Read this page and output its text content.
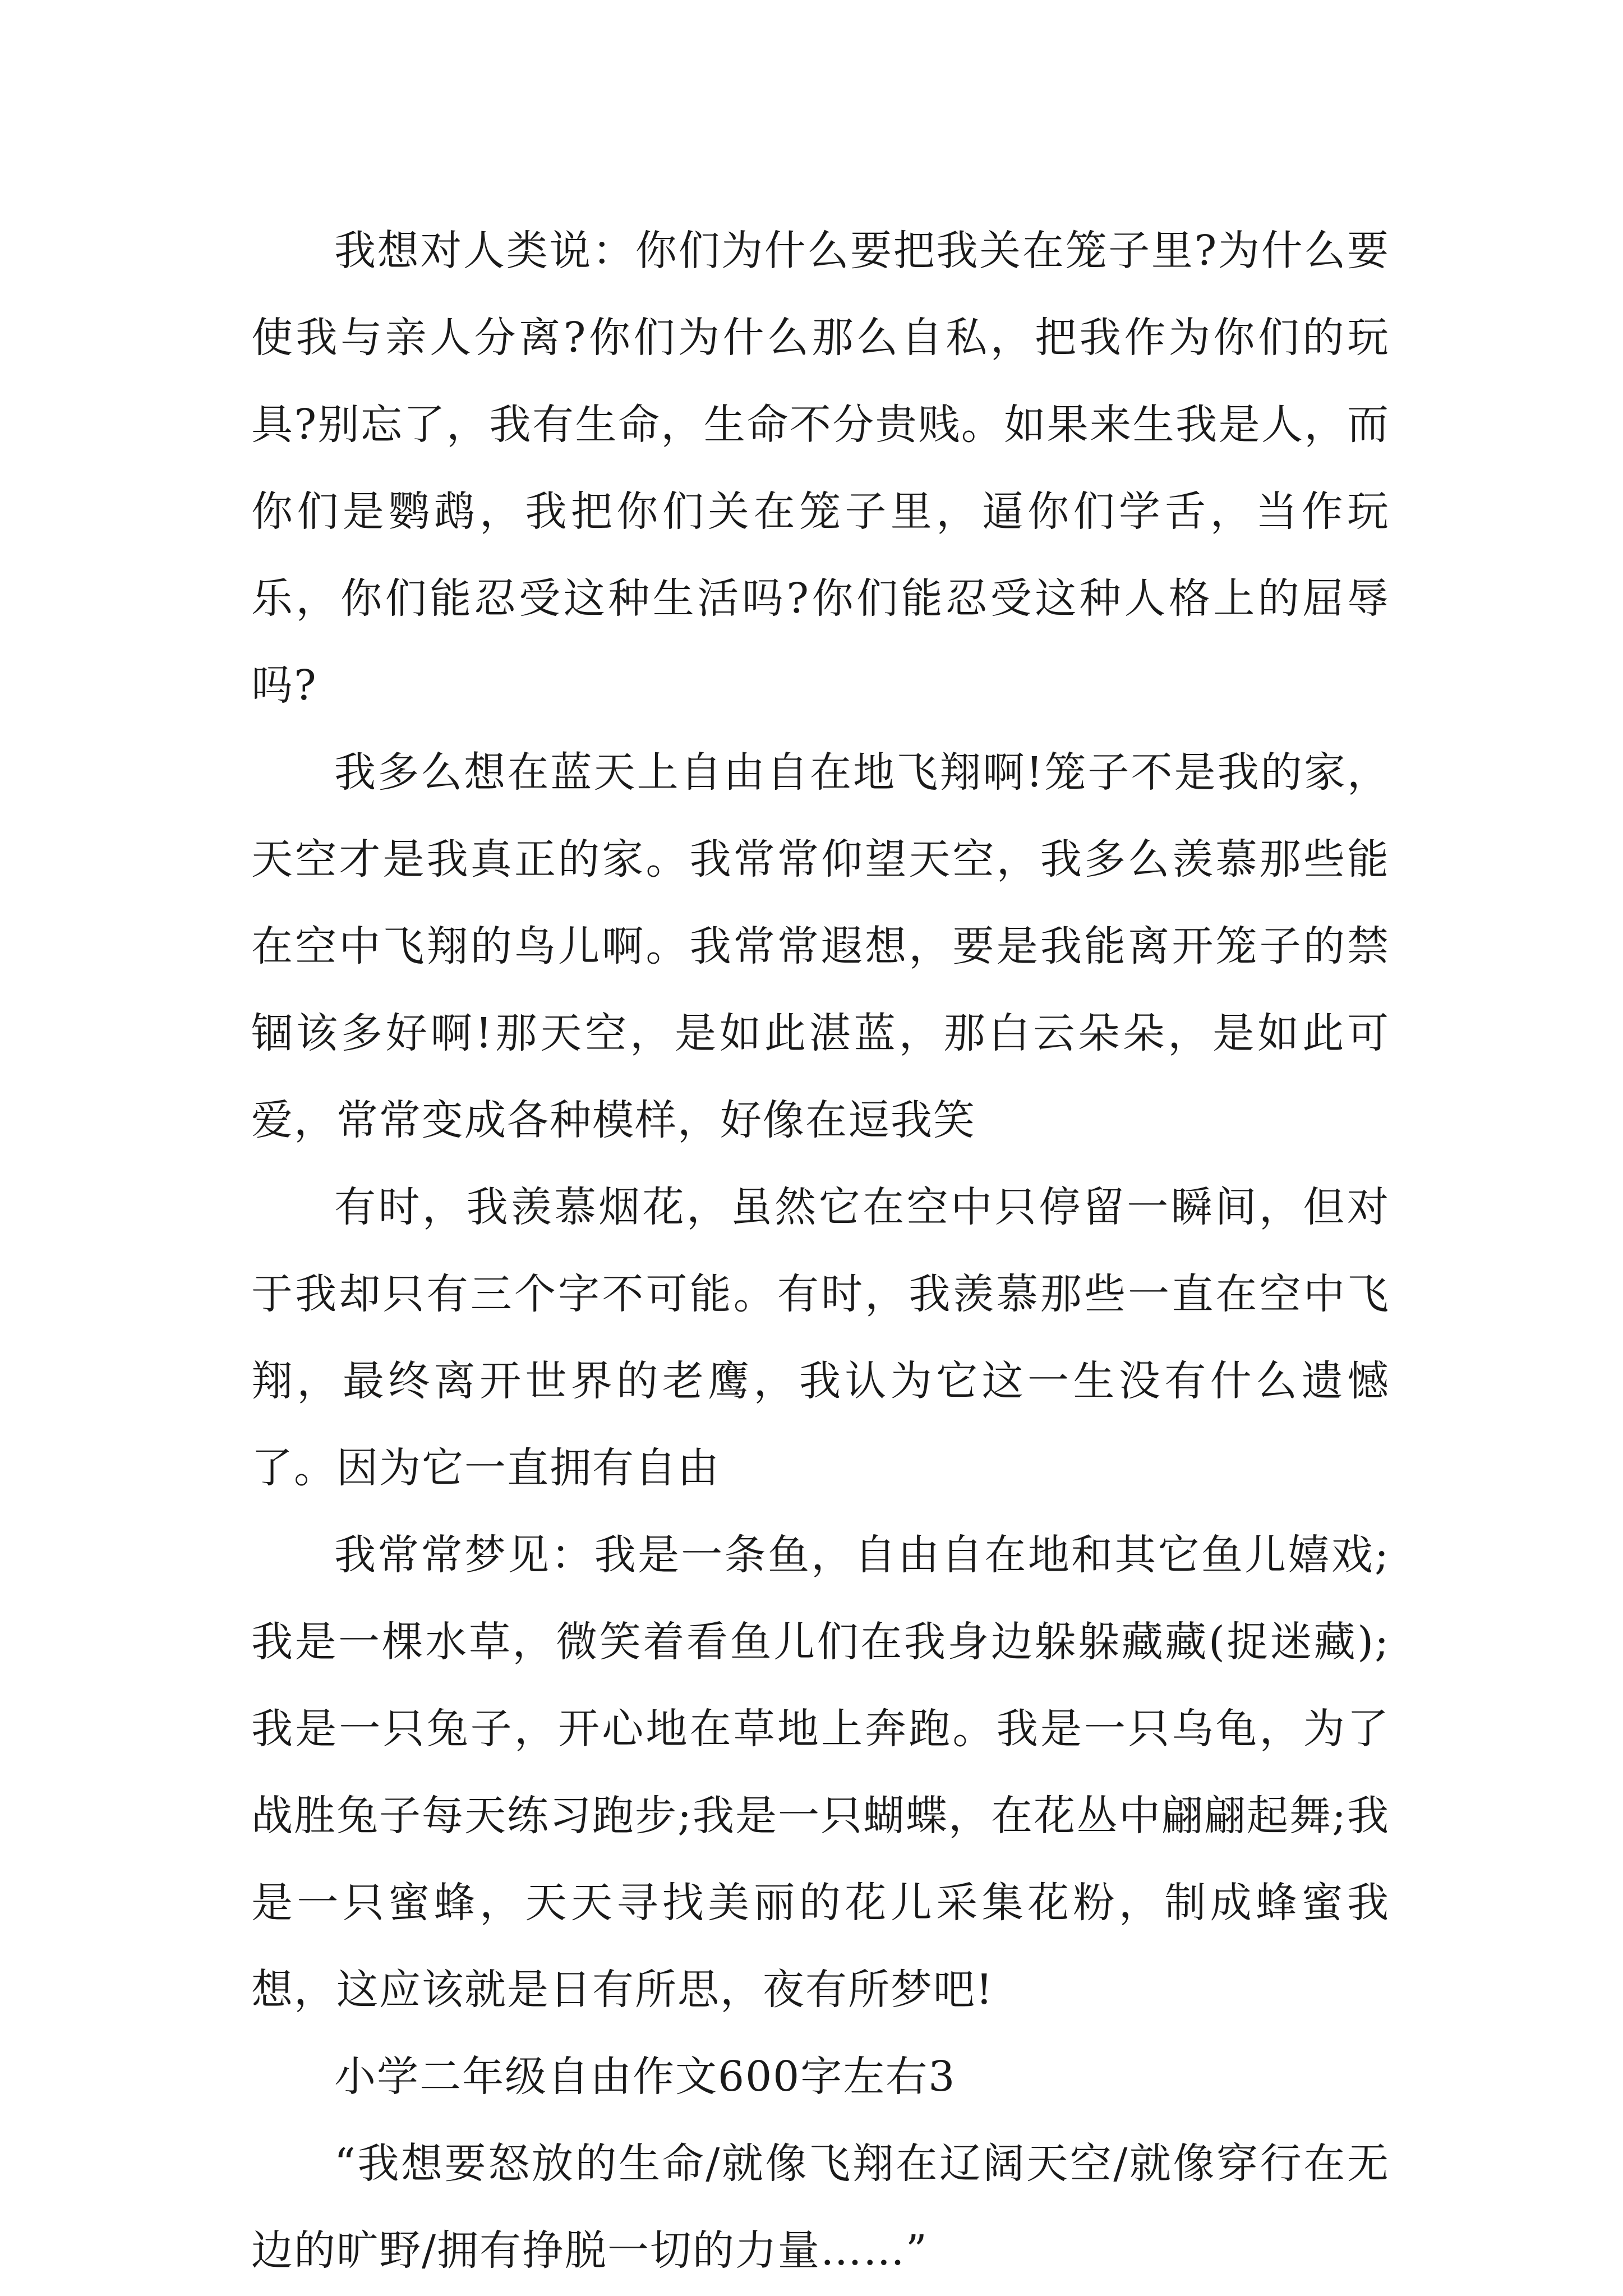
我想对人类说：你们为什么要把我关在笼子里?为什么要使我与亲人分离?你们为什么那么自私，把我作为你们的玩具?别忘了，我有生命，生命不分贵贱。如果来生我是人，而你们是鹦鹉，我把你们关在笼子里，逼你们学舌，当作玩乐，你们能忍受这种生活吗?你们能忍受这种人格上的屈辱吗?

我多么想在蓝天上自由自在地飞翔啊!笼子不是我的家，天空才是我真正的家。我常常仰望天空，我多么羡慕那些能在空中飞翔的鸟儿啊。我常常遐想，要是我能离开笼子的禁锢该多好啊!那天空，是如此湛蓝，那白云朵朵，是如此可爱，常常变成各种模样，好像在逗我笑

有时，我羡慕烟花，虽然它在空中只停留一瞬间，但对于我却只有三个字不可能。有时，我羡慕那些一直在空中飞翔，最终离开世界的老鹰，我认为它这一生没有什么遗憾了。因为它一直拥有自由

我常常梦见：我是一条鱼，自由自在地和其它鱼儿嬉戏;我是一棵水草，微笑着看鱼儿们在我身边躲躲藏藏(捉迷藏);我是一只兔子，开心地在草地上奔跑。我是一只乌龟，为了战胜兔子每天练习跑步;我是一只蝴蝶，在花丛中翩翩起舞;我是一只蜜蜂，天天寻找美丽的花儿采集花粉，制成蜂蜜我想，这应该就是日有所思，夜有所梦吧!

小学二年级自由作文600字左右3

“我想要怒放的生命/就像飞翔在辽阔天空/就像穿行在无边的旷野/拥有挣脱一切的力量……”
